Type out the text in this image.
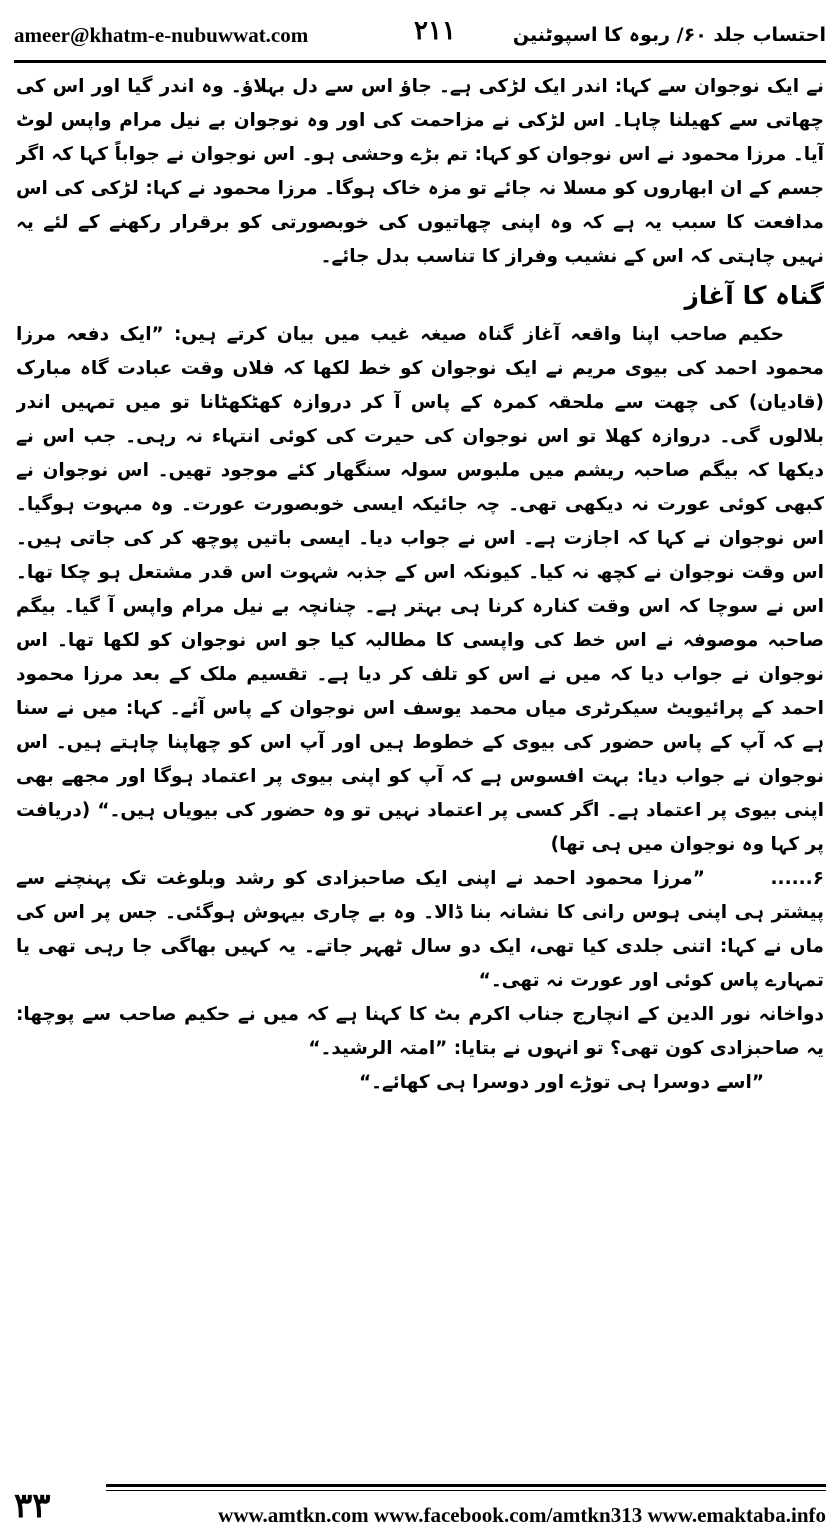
ameer@khatm-e-nubuwwat.com	۲۱۱	احتساب جلد ۶۰/ ربوہ کا اسپوٹنین

نے ایک نوجوان سے کہا: اندر ایک لڑکی ہے۔ جاؤ اس سے دل بہلاؤ۔ وہ اندر گیا اور اس کی چھاتی سے کھیلنا چاہا۔ اس لڑکی نے مزاحمت کی اور وہ نوجوان بے نیل مرام واپس لوٹ آیا۔ مرزا محمود نے اس نوجوان کو کہا: تم بڑے وحشی ہو۔ اس نوجوان نے جواباً کہا کہ اگر جسم کے ان ابھاروں کو مسلا نہ جائے تو مزہ خاک ہوگا۔ مرزا محمود نے کہا: لڑکی کی اس مدافعت کا سبب یہ ہے کہ وہ اپنی چھاتیوں کی خوبصورتی کو برقرار رکھنے کے لئے یہ نہیں چاہتی کہ اس کے نشیب وفراز کا تناسب بدل جائے۔

گناہ کا آغاز

حکیم صاحب اپنا واقعہ آغاز گناہ صیغہ غیب میں بیان کرتے ہیں: ”ایک دفعہ مرزا محمود احمد کی بیوی مریم نے ایک نوجوان کو خط لکھا کہ فلاں وقت عبادت گاہ مبارک (قادیان) کی چھت سے ملحقہ کمرہ کے پاس آ کر دروازہ کھٹکھٹانا تو میں تمہیں اندر بلالوں گی۔ دروازہ کھلا تو اس نوجوان کی حیرت کی کوئی انتہاء نہ رہی۔ جب اس نے دیکھا کہ بیگم صاحبہ ریشم میں ملبوس سولہ سنگھار کئے موجود تھیں۔ اس نوجوان نے کبھی کوئی عورت نہ دیکھی تھی۔ چہ جائیکہ ایسی خوبصورت عورت۔ وہ مبہوت ہوگیا۔ اس نوجوان نے کہا کہ اجازت ہے۔ اس نے جواب دیا۔ ایسی باتیں پوچھ کر کی جاتی ہیں۔ اس وقت نوجوان نے کچھ نہ کیا۔ کیونکہ اس کے جذبہ شہوت اس قدر مشتعل ہو چکا تھا۔ اس نے سوچا کہ اس وقت کنارہ کرنا ہی بہتر ہے۔ چنانچہ بے نیل مرام واپس آ گیا۔ بیگم صاحبہ موصوفہ نے اس خط کی واپسی کا مطالبہ کیا جو اس نوجوان کو لکھا تھا۔ اس نوجوان نے جواب دیا کہ میں نے اس کو تلف کر دیا ہے۔ تقسیم ملک کے بعد مرزا محمود احمد کے پرائیویٹ سیکرٹری میاں محمد یوسف اس نوجوان کے پاس آئے۔ کہا: میں نے سنا ہے کہ آپ کے پاس حضور کی بیوی کے خطوط ہیں اور آپ اس کو چھاپنا چاہتے ہیں۔ اس نوجوان نے جواب دیا: بہت افسوس ہے کہ آپ کو اپنی بیوی پر اعتماد ہوگا اور مجھے بھی اپنی بیوی پر اعتماد ہے۔ اگر کسی پر اعتماد نہیں تو وہ حضور کی بیویاں ہیں۔“ (دریافت پر کہا وہ نوجوان میں ہی تھا)

۶......       ”مرزا محمود احمد نے اپنی ایک صاحبزادی کو رشد وبلوغت تک پہنچنے سے پیشتر ہی اپنی ہوس رانی کا نشانہ بنا ڈالا۔ وہ بے چاری بیہوش ہوگئی۔ جس پر اس کی ماں نے کہا: اتنی جلدی کیا تھی، ایک دو سال ٹھہر جاتے۔ یہ کہیں بھاگی جا رہی تھی یا تمہارے پاس کوئی اور عورت نہ تھی۔“

دواخانہ نور الدین کے انچارج جناب اکرم بٹ کا کہنا ہے کہ میں نے حکیم صاحب سے پوچھا: یہ صاحبزادی کون تھی؟ تو انہوں نے بتایا: ”امتہ الرشید۔“

”اسے دوسرا ہی توڑے اور دوسرا ہی کھائے۔“

۳۳	www.amtkn.com www.facebook.com/amtkn313 www.emaktaba.info
